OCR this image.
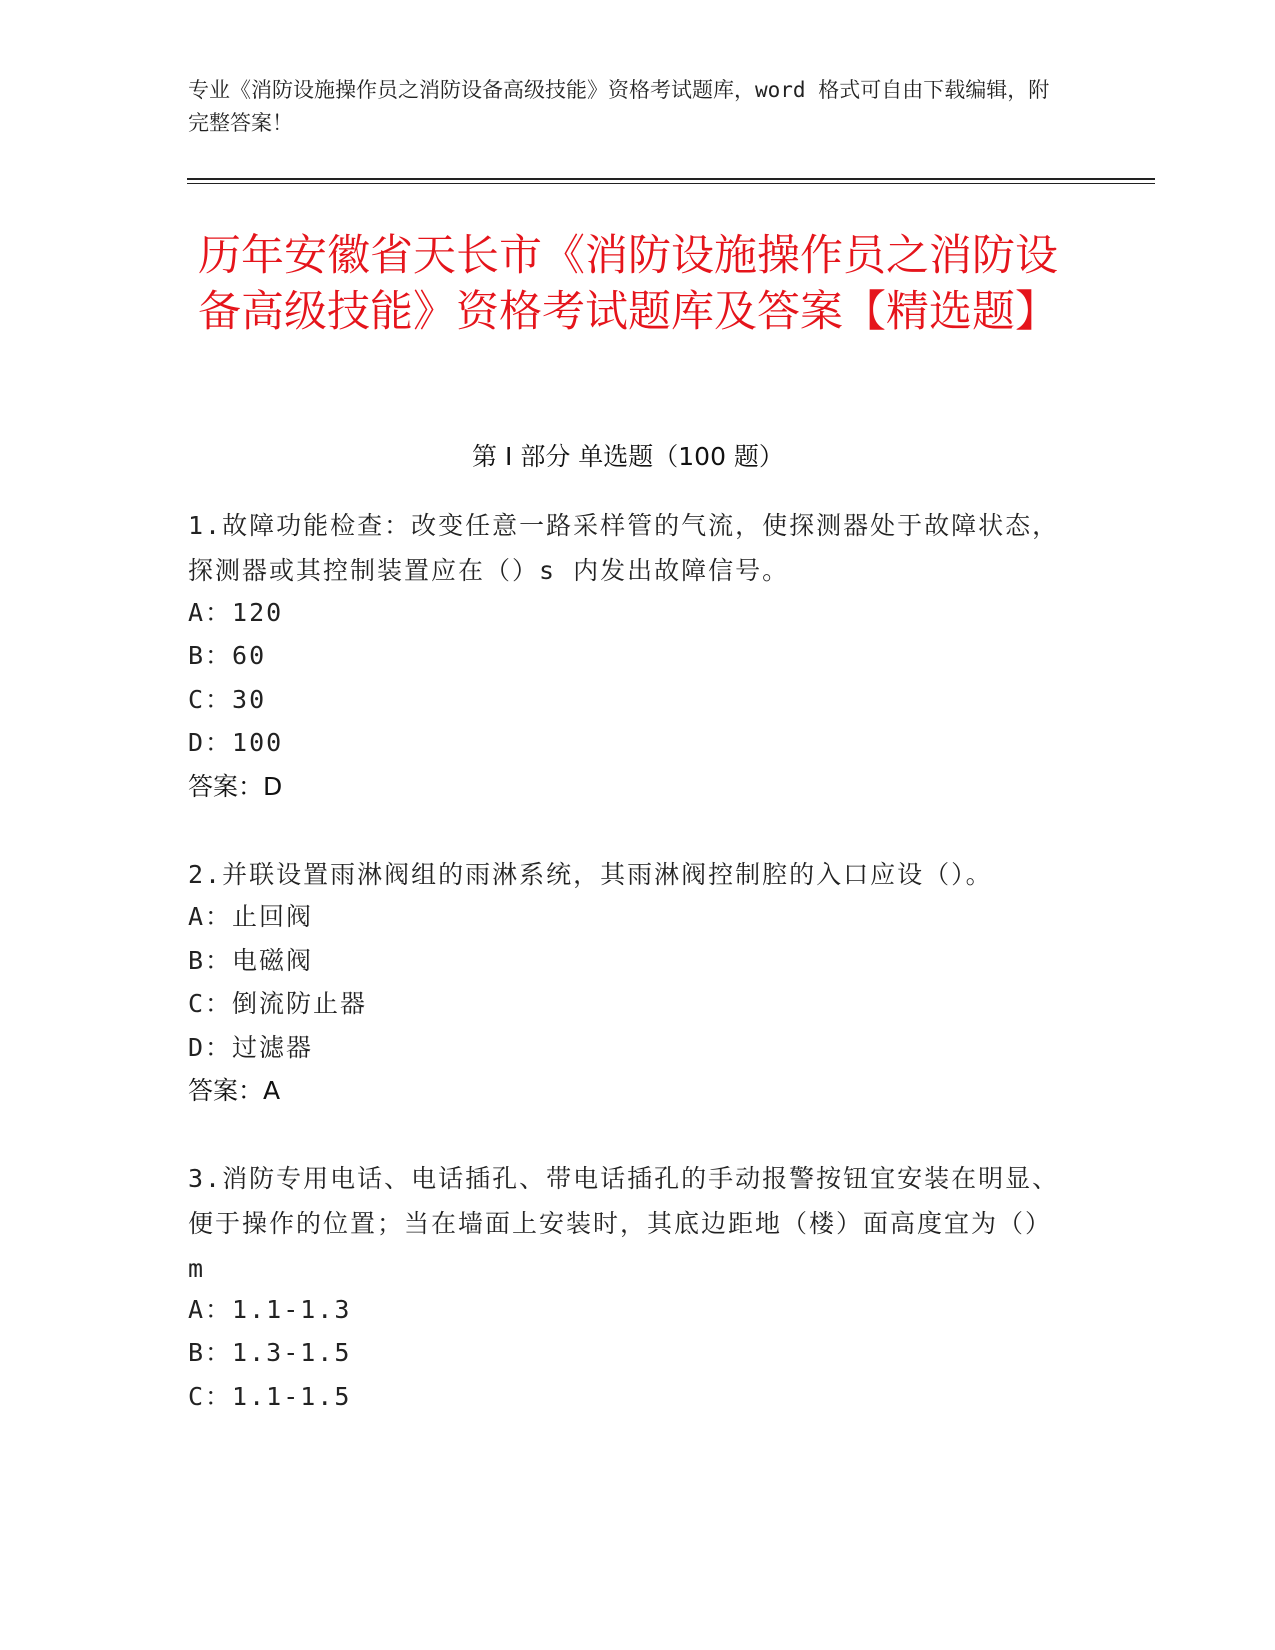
专业《消防设施操作员之消防设备高级技能》资格考试题库，word 格式可自由下载编辑，附完整答案！
历年安徽省天长市《消防设施操作员之消防设备高级技能》资格考试题库及答案【精选题】
第 I 部分 单选题（100 题）
1.故障功能检查：改变任意一路采样管的气流，使探测器处于故障状态，探测器或其控制装置应在（）s 内发出故障信号。
A：120
B：60
C：30
D：100
答案：D
2.并联设置雨淋阀组的雨淋系统，其雨淋阀控制腔的入口应设（）。
A：止回阀
B：电磁阀
C：倒流防止器
D：过滤器
答案：A
3.消防专用电话、电话插孔、带电话插孔的手动报警按钮宜安装在明显、便于操作的位置；当在墙面上安装时，其底边距地（楼）面高度宜为（）m
A：1.1-1.3
B：1.3-1.5
C：1.1-1.5
